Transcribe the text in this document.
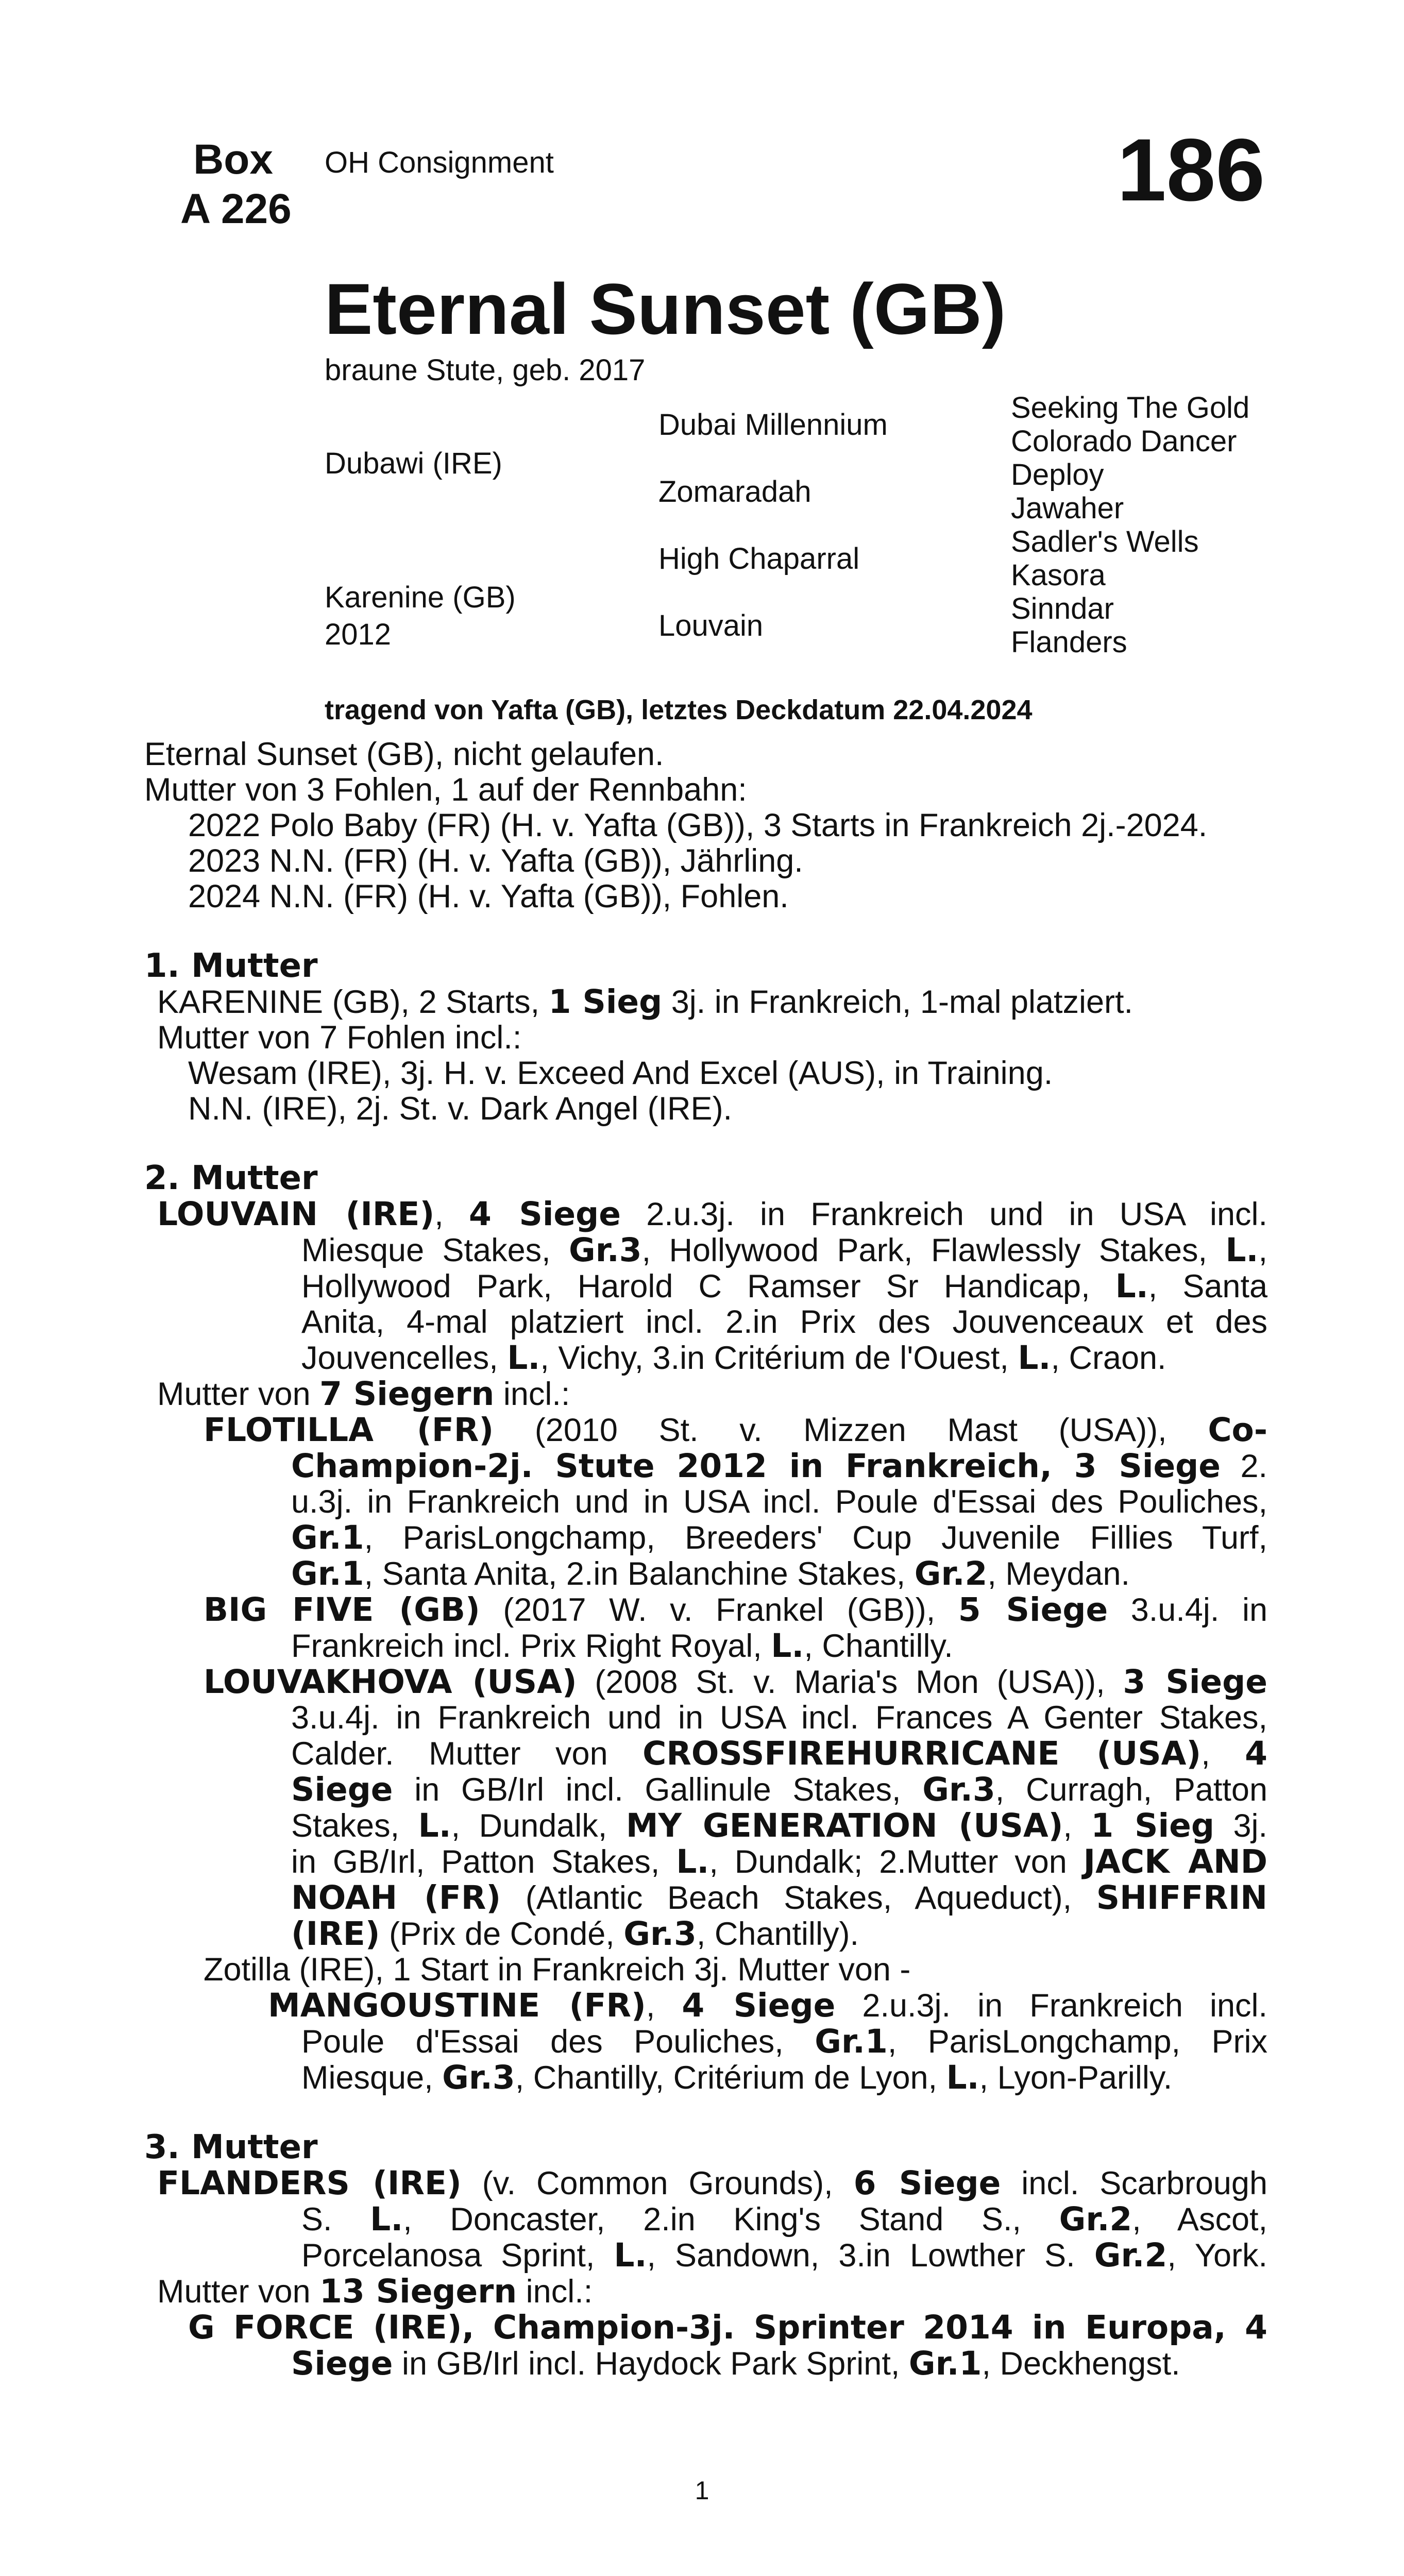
Box
A 226
OH Consignment	186
Eternal Sunset (GB)
braune Stute, geb. 2017
Dubawi (IRE)
Karenine (GB)
2012
Dubai Millennium
Zomaradah
High Chaparral
Louvain
Seeking The Gold
Colorado Dancer
Deploy
Jawaher
Sadler's Wells
Kasora
Sinndar
Flanders
tragend von Yafta (GB), letztes Deckdatum 22.04.2024
Eternal Sunset (GB), nicht gelaufen.
Mutter von 3 Fohlen, 1 auf der Rennbahn:
2022 Polo Baby (FR) (H. v. Yafta (GB)), 3 Starts in Frankreich 2j.-2024.
2023 N.N. (FR) (H. v. Yafta (GB)), Jährling.
2024 N.N. (FR) (H. v. Yafta (GB)), Fohlen.
1. Mutter
KARENINE (GB), 2 Starts, 1 Sieg 3j. in Frankreich, 1-mal platziert.
Mutter von 7 Fohlen incl.:
Wesam (IRE), 3j. H. v. Exceed And Excel (AUS), in Training.
N.N. (IRE), 2j. St. v. Dark Angel (IRE).
2. Mutter
LOUVAIN (IRE), 4 Siege 2.u.3j. in Frankreich und in USA incl.
Miesque Stakes, Gr.3, Hollywood Park, Flawlessly Stakes, L.,
Hollywood Park, Harold C Ramser Sr Handicap, L., Santa
Anita, 4-mal platziert incl. 2.in Prix des Jouvenceaux et des
Jouvencelles, L., Vichy, 3.in Critérium de l'Ouest, L., Craon.
Mutter von 7 Siegern incl.:
FLOTILLA (FR) (2010 St. v. Mizzen Mast (USA)), Co-
Champion-2j. Stute 2012 in Frankreich, 3 Siege 2.
u.3j. in Frankreich und in USA incl. Poule d'Essai des Pouliches,
Gr.1, ParisLongchamp, Breeders' Cup Juvenile Fillies Turf,
Gr.1, Santa Anita, 2.in Balanchine Stakes, Gr.2, Meydan.
BIG FIVE (GB) (2017 W. v. Frankel (GB)), 5 Siege 3.u.4j. in
Frankreich incl. Prix Right Royal, L., Chantilly.
LOUVAKHOVA (USA) (2008 St. v. Maria's Mon (USA)), 3 Siege
3.u.4j. in Frankreich und in USA incl. Frances A Genter Stakes,
Calder. Mutter von CROSSFIREHURRICANE (USA), 4
Siege in GB/Irl incl. Gallinule Stakes, Gr.3, Curragh, Patton
Stakes, L., Dundalk, MY GENERATION (USA), 1 Sieg 3j.
in GB/Irl, Patton Stakes, L., Dundalk; 2.Mutter von JACK AND
NOAH (FR) (Atlantic Beach Stakes, Aqueduct), SHIFFRIN
(IRE) (Prix de Condé, Gr.3, Chantilly).
Zotilla (IRE), 1 Start in Frankreich 3j. Mutter von -
MANGOUSTINE (FR), 4 Siege 2.u.3j. in Frankreich incl.
Poule d'Essai des Pouliches, Gr.1, ParisLongchamp, Prix
Miesque, Gr.3, Chantilly, Critérium de Lyon, L., Lyon-Parilly.
3. Mutter
FLANDERS (IRE) (v. Common Grounds), 6 Siege incl. Scarbrough
S. L., Doncaster, 2.in King's Stand S., Gr.2, Ascot,
Porcelanosa Sprint, L., Sandown, 3.in Lowther S. Gr.2, York.
Mutter von 13 Siegern incl.:
G FORCE (IRE), Champion-3j. Sprinter 2014 in Europa, 4
Siege in GB/Irl incl. Haydock Park Sprint, Gr.1, Deckhengst.
1
